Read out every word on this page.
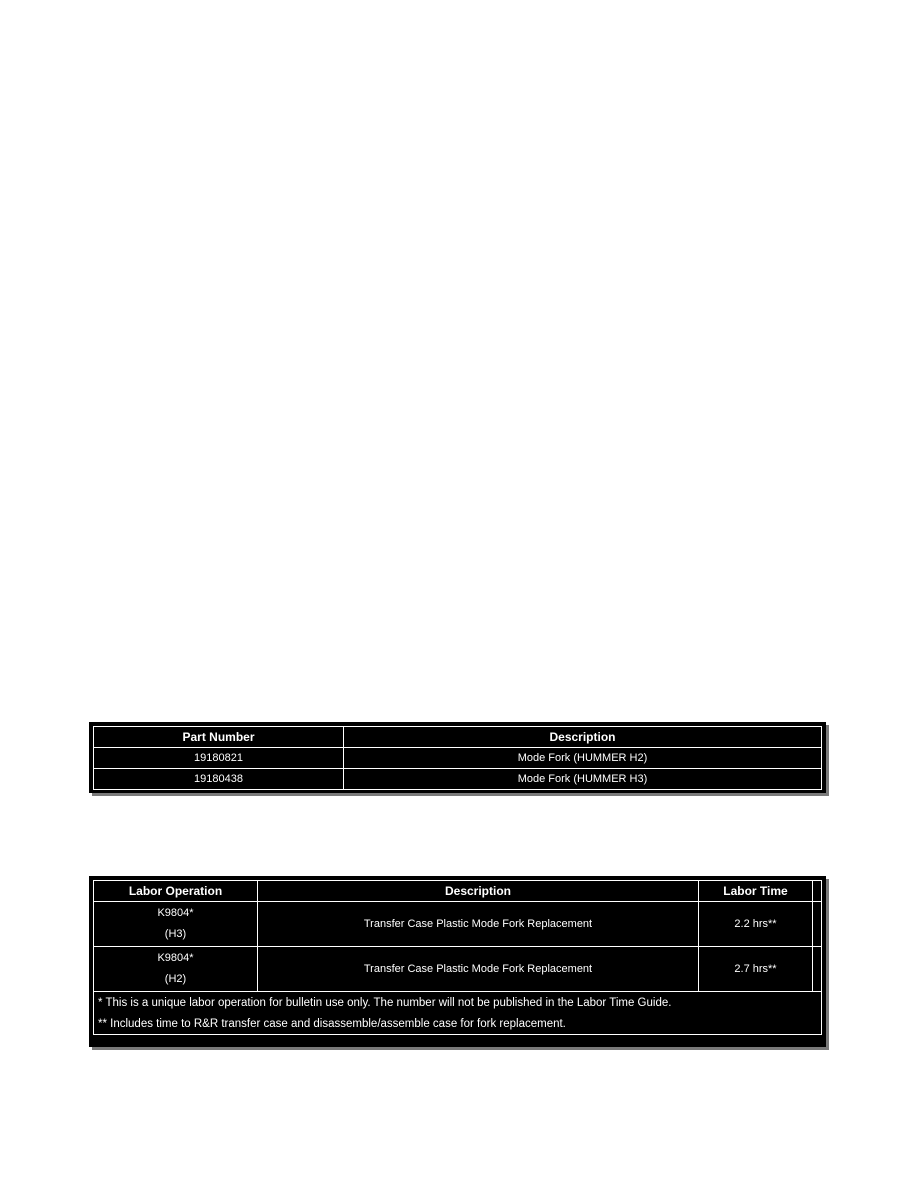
Part Number	Description
19180821	Mode Fork (HUMMER H2)
19180438	Mode Fork (HUMMER H3)
Labor Operation	Description	Labor Time	

K9804*
(H3)	Transfer Case Plastic Mode Fork Replacement	2.2 hrs**	

K9804*
(H2)	Transfer Case Plastic Mode Fork Replacement	2.7 hrs**	

* This is a unique labor operation for bulletin use only. The number will not be published in the Labor Time Guide.

** Includes time to R&R transfer case and disassemble/assemble case for fork replacement.			
